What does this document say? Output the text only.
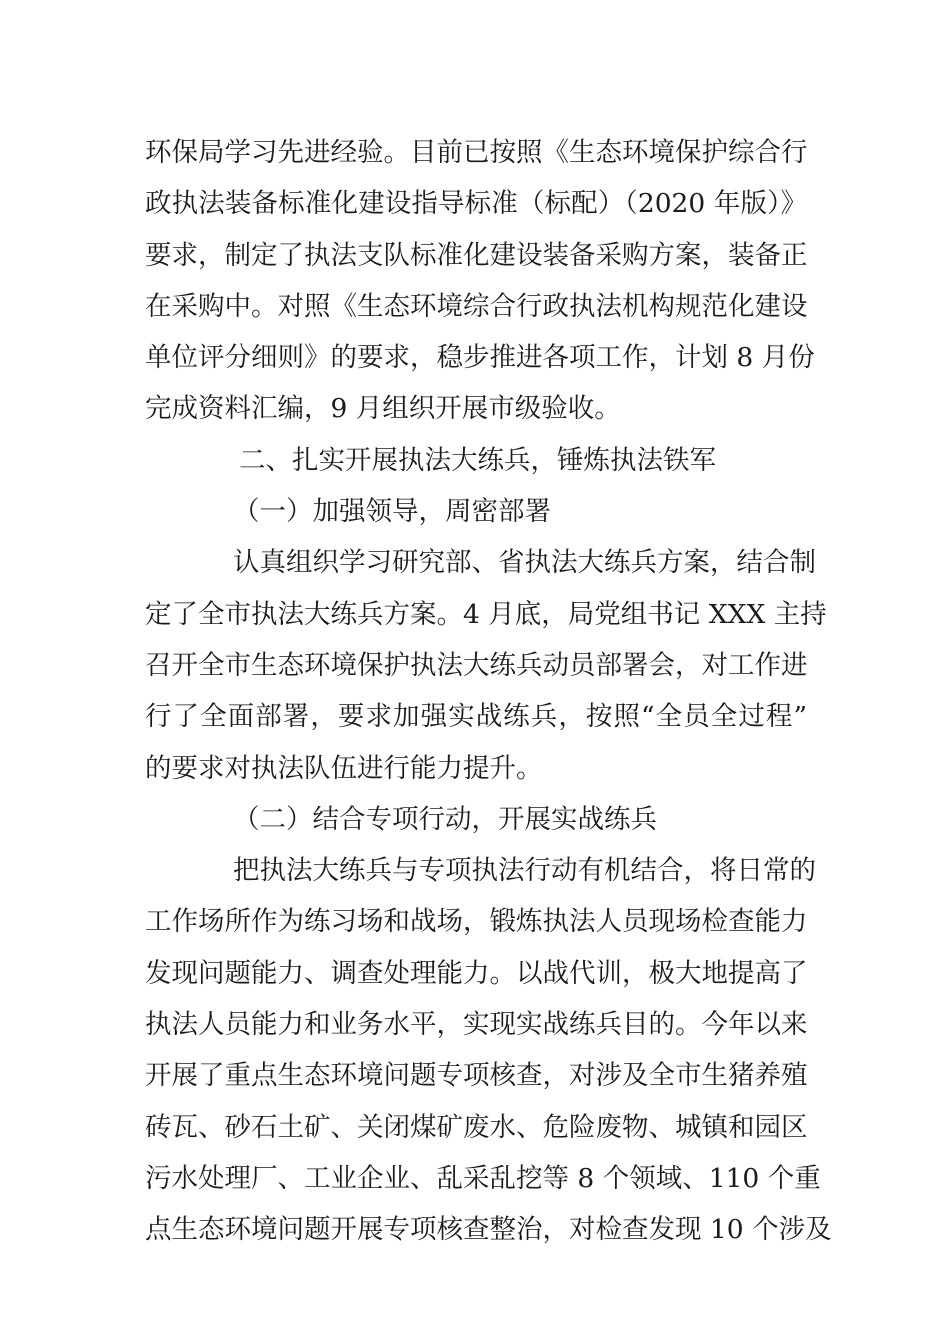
环保局学习先进经验。目前已按照《生态环境保护综合行
政执法装备标准化建设指导标准（标配）（2020 年版）》
要求，制定了执法支队标准化建设装备采购方案，装备正
在采购中。对照《生态环境综合行政执法机构规范化建设
单位评分细则》的要求，稳步推进各项工作，计划 8 月份
完成资料汇编，9 月组织开展市级验收。
二、扎实开展执法大练兵，锤炼执法铁军
（一）加强领导，周密部署
认真组织学习研究部、省执法大练兵方案，结合制
定了全市执法大练兵方案。4 月底，局党组书记 XXX 主持
召开全市生态环境保护执法大练兵动员部署会，对工作进
行了全面部署，要求加强实战练兵，按照“全员全过程”
的要求对执法队伍进行能力提升。
（二）结合专项行动，开展实战练兵
把执法大练兵与专项执法行动有机结合，将日常的
工作场所作为练习场和战场，锻炼执法人员现场检查能力
发现问题能力、调查处理能力。以战代训，极大地提高了
执法人员能力和业务水平，实现实战练兵目的。今年以来
开展了重点生态环境问题专项核查，对涉及全市生猪养殖
砖瓦、砂石土矿、关闭煤矿废水、危险废物、城镇和园区
污水处理厂、工业企业、乱采乱挖等 8 个领域、110 个重
点生态环境问题开展专项核查整治，对检查发现 10 个涉及
